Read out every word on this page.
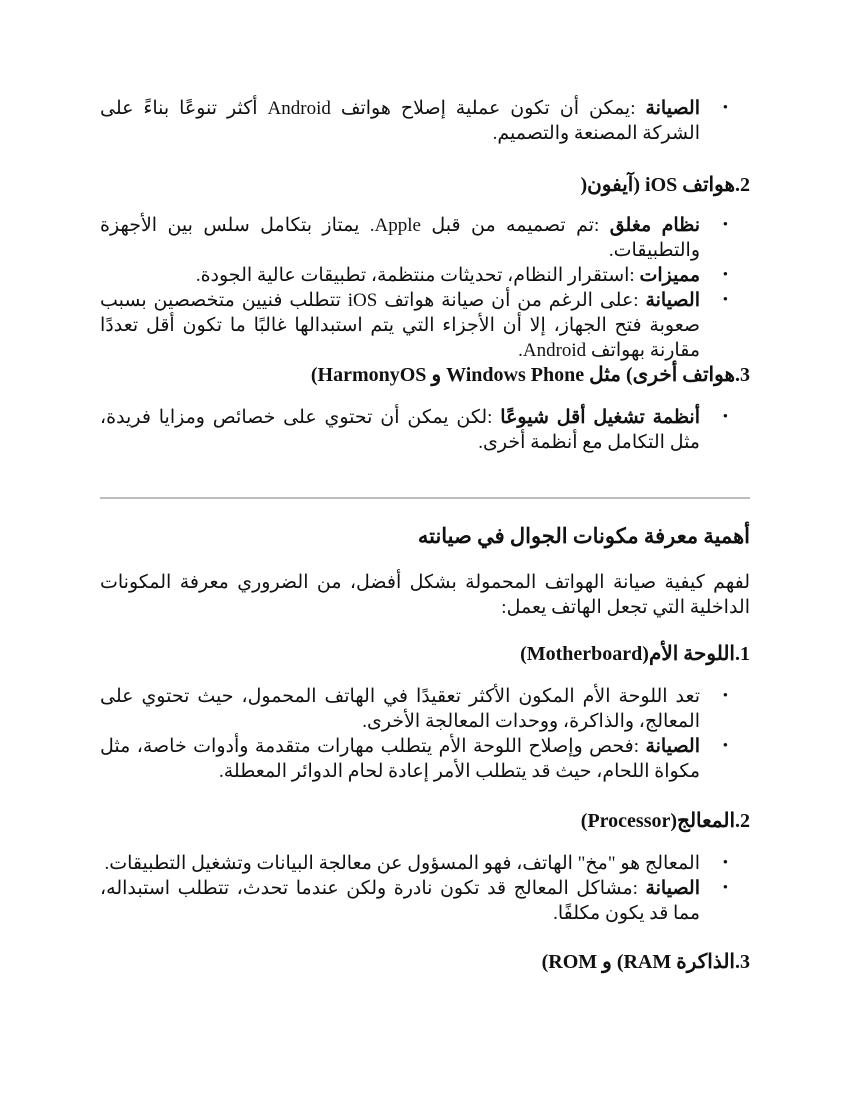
• الصيانة :يمكن أن تكون عملية إصلاح هواتف Android أكثر تنوعًا بناءً على الشركة المصنعة والتصميم.
2.هواتف iOS (آيفون(
• نظام مغلق :تم تصميمه من قبل Apple. يمتاز بتكامل سلس بين الأجهزة والتطبيقات.
• مميزات :استقرار النظام، تحديثات منتظمة، تطبيقات عالية الجودة.
• الصيانة :على الرغم من أن صيانة هواتف iOS تتطلب فنيين متخصصين بسبب صعوبة فتح الجهاز، إلا أن الأجزاء التي يتم استبدالها غالبًا ما تكون أقل تعددًا مقارنة بهواتف Android.
3.هواتف أخرى) مثل Windows Phone و HarmonyOS)
• أنظمة تشغيل أقل شيوعًا :لكن يمكن أن تحتوي على خصائص ومزايا فريدة، مثل التكامل مع أنظمة أخرى.
أهمية معرفة مكونات الجوال في صيانته
لفهم كيفية صيانة الهواتف المحمولة بشكل أفضل، من الضروري معرفة المكونات الداخلية التي تجعل الهاتف يعمل:
1.اللوحة الأم(Motherboard)
• تعد اللوحة الأم المكون الأكثر تعقيدًا في الهاتف المحمول، حيث تحتوي على المعالج، والذاكرة، ووحدات المعالجة الأخرى.
• الصيانة :فحص وإصلاح اللوحة الأم يتطلب مهارات متقدمة وأدوات خاصة، مثل مكواة اللحام، حيث قد يتطلب الأمر إعادة لحام الدوائر المعطلة.
2.المعالج(Processor)
• المعالج هو "مخ" الهاتف، فهو المسؤول عن معالجة البيانات وتشغيل التطبيقات.
• الصيانة :مشاكل المعالج قد تكون نادرة ولكن عندما تحدث، تتطلب استبداله، مما قد يكون مكلفًا.
3.الذاكرة RAM) و ROM)
